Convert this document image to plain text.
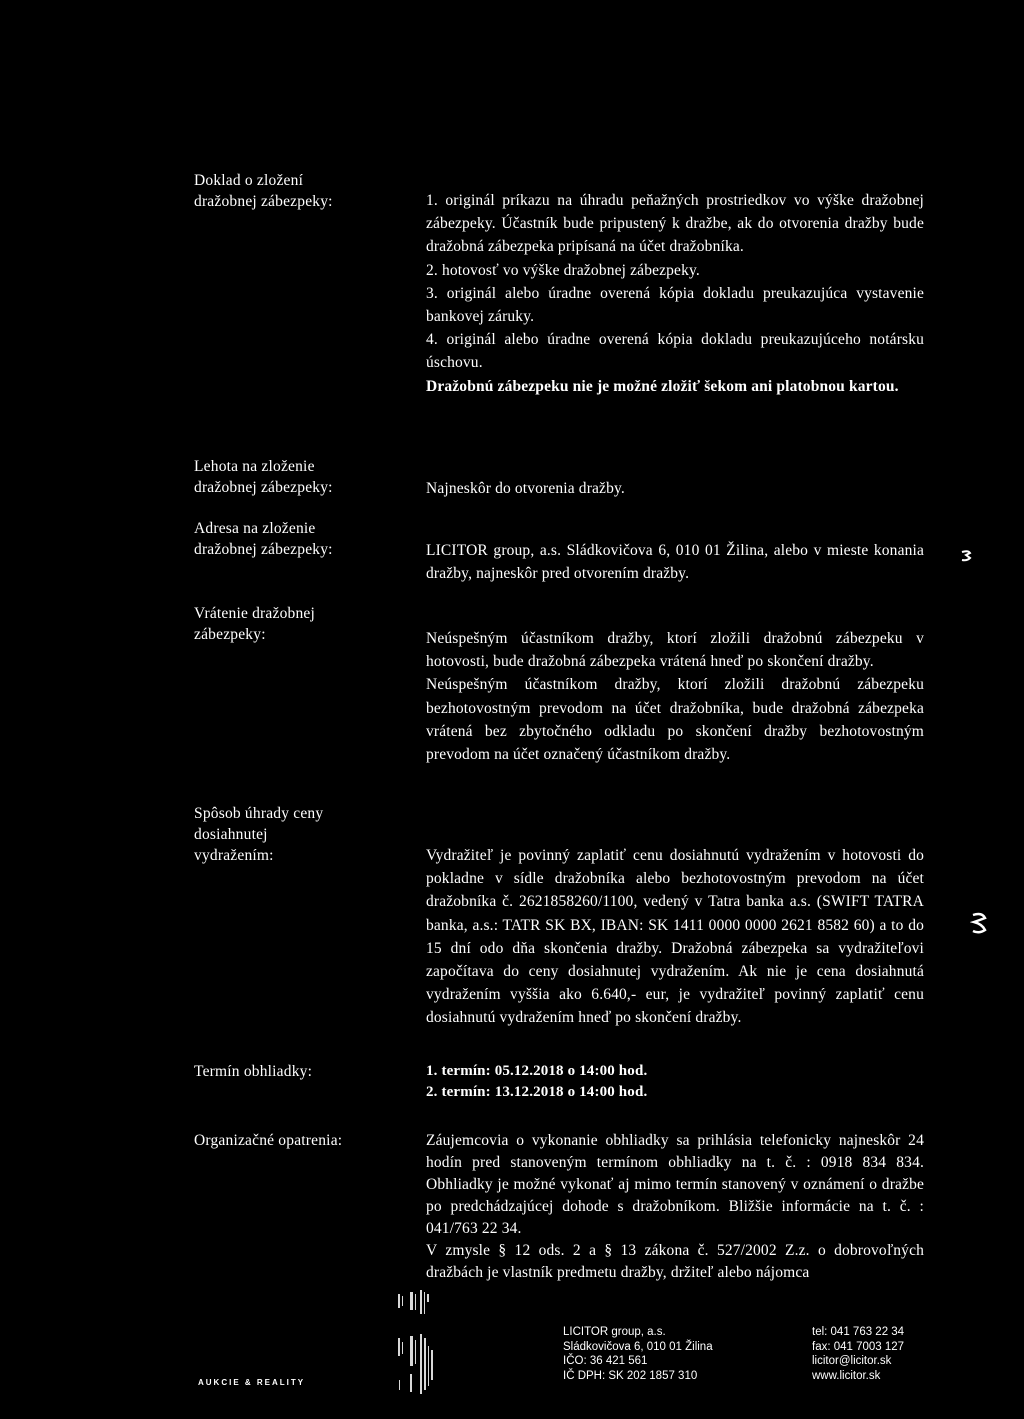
Doklad o zložení
dražobnej zábezpeky:	1. originál príkazu na úhradu peňažných prostriedkov vo výške dražobnej zábezpeky. Účastník bude pripustený k dražbe, ak do otvorenia dražby bude dražobná zábezpeka pripísaná na účet dražobníka.

2. hotovosť vo výške dražobnej zábezpeky.

3. originál alebo úradne overená kópia dokladu preukazujúca vystavenie bankovej záruky.

4. originál alebo úradne overená kópia dokladu preukazujúceho notársku úschovu.

Dražobnú zábezpeku nie je možné zložiť šekom ani platobnou kartou.

Lehota na zloženie
dražobnej zábezpeky:	Najneskôr do otvorenia dražby.

Adresa na zloženie
dražobnej zábezpeky:	LICITOR group, a.s. Sládkovičova 6, 010 01 Žilina, alebo v mieste konania dražby, najneskôr pred otvorením dražby.

Vrátenie dražobnej
zábezpeky:	Neúspešným účastníkom dražby, ktorí zložili dražobnú zábezpeku v hotovosti, bude dražobná zábezpeka vrátená hneď po skončení dražby.

Neúspešným účastníkom dražby, ktorí zložili dražobnú zábezpeku bezhotovostným prevodom na účet dražobníka, bude dražobná zábezpeka vrátená bez zbytočného odkladu po skončení dražby bezhotovostným prevodom na účet označený účastníkom dražby.

Spôsob úhrady ceny
dosiahnutej
vydražením:	Vydražiteľ je povinný zaplatiť cenu dosiahnutú vydražením v hotovosti do pokladne v sídle dražobníka alebo bezhotovostným prevodom na účet dražobníka č. 2621858260/1100, vedený v Tatra banka a.s. (SWIFT TATRA banka, a.s.: TATR SK BX, IBAN: SK 1411 0000 0000 2621 8582 60) a to do 15 dní odo dňa skončenia dražby. Dražobná zábezpeka sa vydražiteľovi započítava do ceny dosiahnutej vydražením. Ak nie je cena dosiahnutá vydražením vyššia ako 6.640,- eur, je vydražiteľ povinný zaplatiť cenu dosiahnutú vydražením hneď po skončení dražby.

Termín obhliadky:	1. termín: 05.12.2018 o 14:00 hod.

2. termín: 13.12.2018 o 14:00 hod.

Organizačné opatrenia:	Záujemcovia o vykonanie obhliadky sa prihlásia telefonicky najneskôr 24 hodín pred stanoveným termínom obhliadky na t. č. : 0918 834 834. Obhliadky je možné vykonať aj mimo termín stanovený v oznámení o dražbe po predchádzajúcej dohode s dražobníkom. Bližšie informácie na t. č. : 041/763 22 34.

V zmysle § 12 ods. 2 a § 13 zákona č. 527/2002 Z.z. o dobrovoľných dražbách je vlastník predmetu dražby, držiteľ alebo nájomca

AUKCIE & REALITY
LICITOR group, a.s.
Sládkovičova 6, 010 01 Žilina
IČO: 36 421 561
IČ DPH: SK 202 1857 310
tel: 041 763 22 34
fax: 041 7003 127
licitor@licitor.sk
www.licitor.sk
